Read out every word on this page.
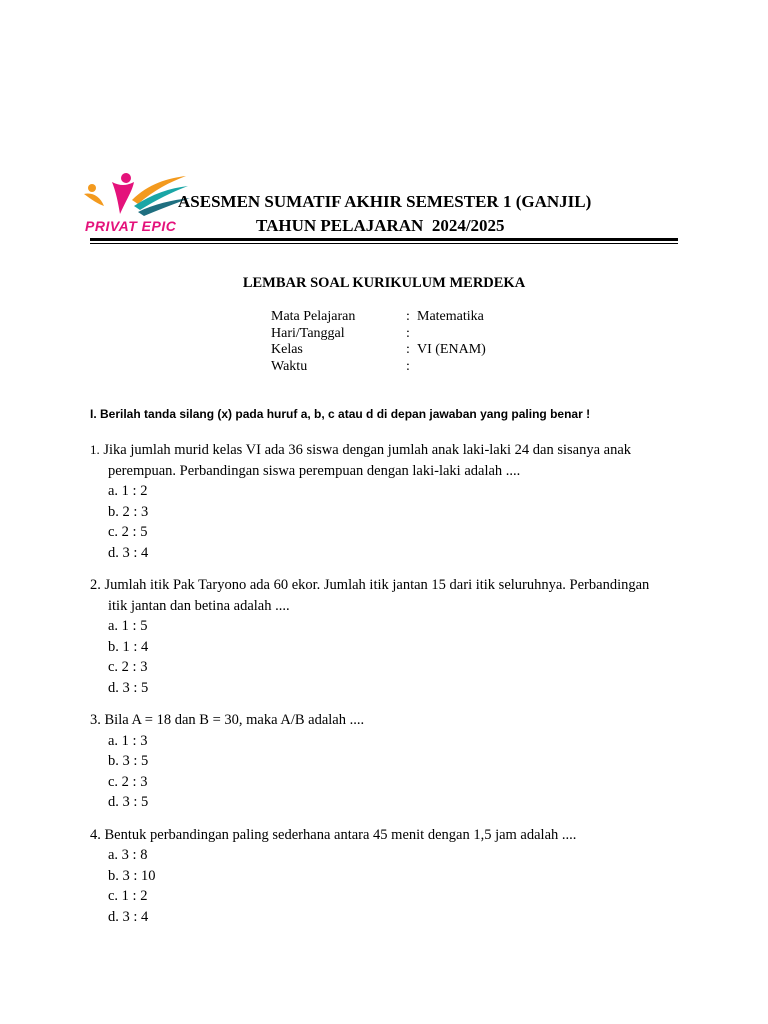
PRIVAT EPIC
ASESMEN SUMATIF AKHIR SEMESTER 1 (GANJIL)
TAHUN PELAJARAN  2024/2025
LEMBAR SOAL KURIKULUM MERDEKA
Mata Pelajaran	: Matematika
Hari/Tanggal	:
Kelas	: VI (ENAM)
Waktu	:
I. Berilah tanda silang (x) pada huruf a, b, c atau d di depan jawaban yang paling benar !
1. Jika jumlah murid kelas VI ada 36 siswa dengan jumlah anak laki-laki 24 dan sisanya anak
perempuan. Perbandingan siswa perempuan dengan laki-laki adalah ....
a. 1 : 2
b. 2 : 3
c. 2 : 5
d. 3 : 4
2. Jumlah itik Pak Taryono ada 60 ekor. Jumlah itik jantan 15 dari itik seluruhnya. Perbandingan
itik jantan dan betina adalah ....
a. 1 : 5
b. 1 : 4
c. 2 : 3
d. 3 : 5
3. Bila A = 18 dan B = 30, maka A/B adalah ....
a. 1 : 3
b. 3 : 5
c. 2 : 3
d. 3 : 5
4. Bentuk perbandingan paling sederhana antara 45 menit dengan 1,5 jam adalah ....
a. 3 : 8
b. 3 : 10
c. 1 : 2
d. 3 : 4
